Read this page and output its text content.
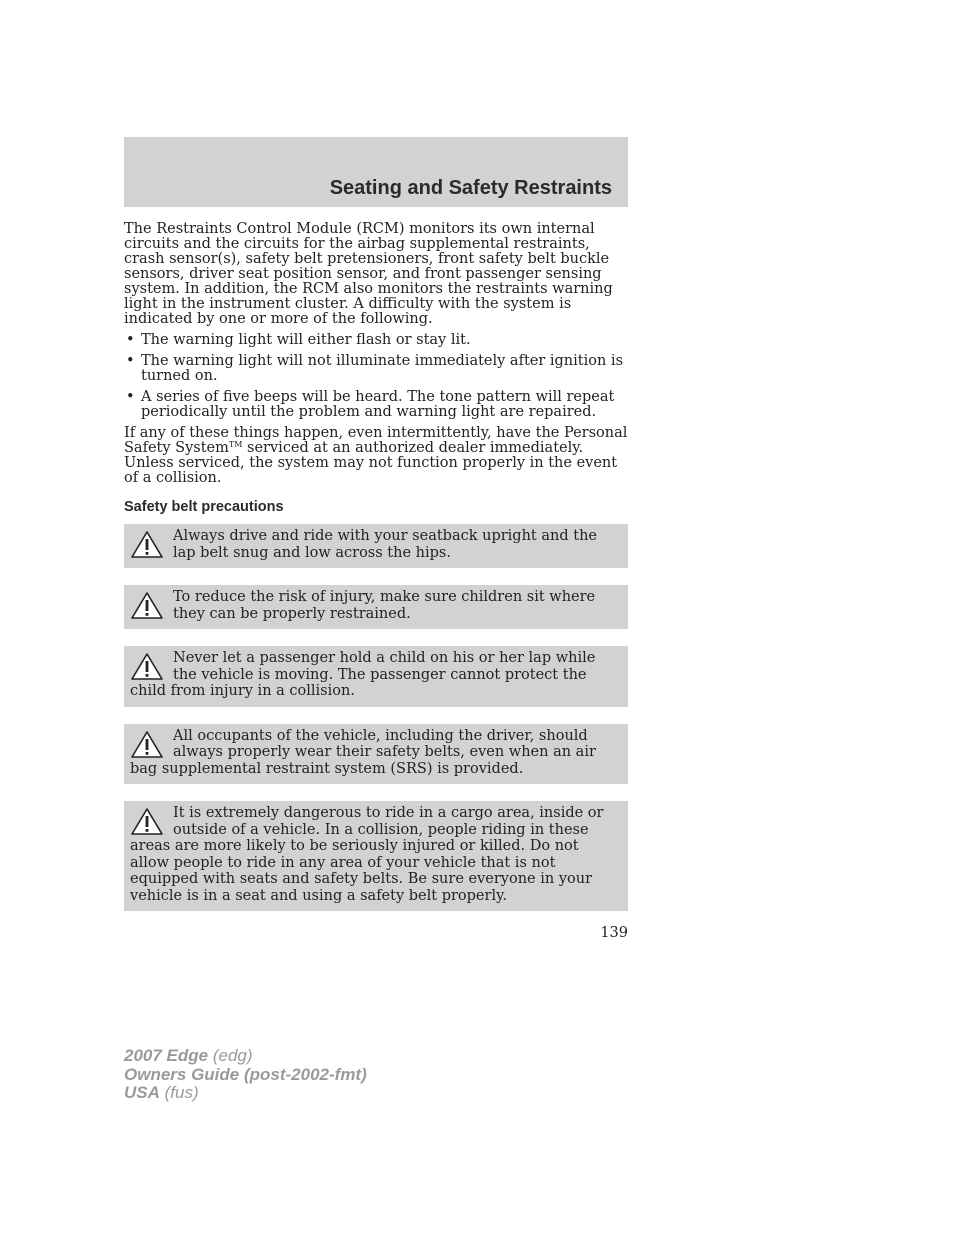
Seating and Safety Restraints

The Restraints Control Module (RCM) monitors its own internal circuits and the circuits for the airbag supplemental restraints, crash sensor(s), safety belt pretensioners, front safety belt buckle sensors, driver seat position sensor, and front passenger sensing system. In addition, the RCM also monitors the restraints warning light in the instrument cluster. A difficulty with the system is indicated by one or more of the following.

• The warning light will either flash or stay lit.
• The warning light will not illuminate immediately after ignition is turned on.
• A series of five beeps will be heard. The tone pattern will repeat periodically until the problem and warning light are repaired.

If any of these things happen, even intermittently, have the Personal Safety System™ serviced at an authorized dealer immediately. Unless serviced, the system may not function properly in the event of a collision.

Safety belt precautions
Always drive and ride with your seatback upright and the lap belt snug and low across the hips.
To reduce the risk of injury, make sure children sit where they can be properly restrained.
Never let a passenger hold a child on his or her lap while the vehicle is moving. The passenger cannot protect the child from injury in a collision.
All occupants of the vehicle, including the driver, should always properly wear their safety belts, even when an air bag supplemental restraint system (SRS) is provided.
It is extremely dangerous to ride in a cargo area, inside or outside of a vehicle. In a collision, people riding in these areas are more likely to be seriously injured or killed. Do not allow people to ride in any area of your vehicle that is not equipped with seats and safety belts. Be sure everyone in your vehicle is in a seat and using a safety belt properly.
139
2007 Edge (edg)
Owners Guide (post-2002-fmt)
USA (fus)
